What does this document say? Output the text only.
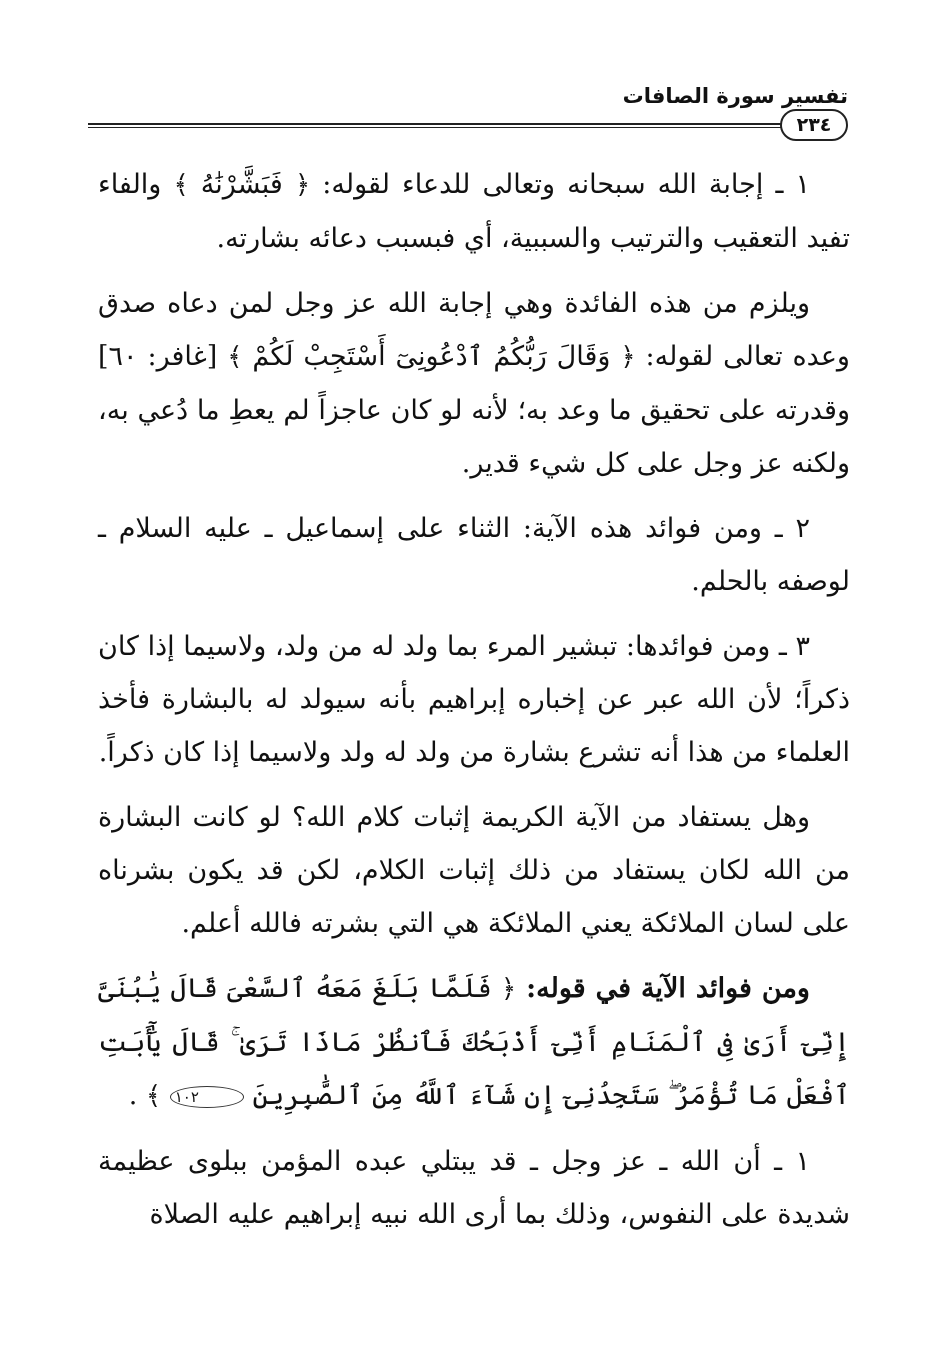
تفسير سورة الصافات
٢٣٤

١ ـ إجابة الله سبحانه وتعالى للدعاء لقوله: ﴿ فَبَشَّرْنَٰهُ ﴾ والفاء تفيد التعقيب والترتيب والسببية، أي فبسبب دعائه بشارته.

ويلزم من هذه الفائدة وهي إجابة الله عز وجل لمن دعاه صدق وعده تعالى لقوله: ﴿ وَقَالَ رَبُّكُمُ ٱدْعُونِىٓ أَسْتَجِبْ لَكُمْ ﴾ [غافر: ٦٠] وقدرته على تحقيق ما وعد به؛ لأنه لو كان عاجزاً لم يعطِ ما دُعي به، ولكنه عز وجل على كل شيء قدير.

٢ ـ ومن فوائد هذه الآية: الثناء على إسماعيل ـ عليه السلام ـ لوصفه بالحلم.

٣ ـ ومن فوائدها: تبشير المرء بما ولد له من ولد، ولاسيما إذا كان ذكراً؛ لأن الله عبر عن إخباره إبراهيم بأنه سيولد له بالبشارة فأخذ العلماء من هذا أنه تشرع بشارة من ولد له ولد ولاسيما إذا كان ذكراً.

وهل يستفاد من الآية الكريمة إثبات كلام الله؟ لو كانت البشارة من الله لكان يستفاد من ذلك إثبات الكلام، لكن قد يكون بشرناه على لسان الملائكة يعني الملائكة هي التي بشرته فالله أعلم.

ومن فوائد الآية في قوله: ﴿ فَلَمَّا بَلَغَ مَعَهُ ٱلسَّعْىَ قَالَ يَٰبُنَىَّ إِنِّىٓ أَرَىٰ فِى ٱلْمَنَامِ أَنِّىٓ أَذْبَحُكَ فَٱنظُرْ مَاذَا تَرَىٰ ۚ قَالَ يَٰٓأَبَتِ ٱفْعَلْ مَا تُؤْمَرُ ۖ سَتَجِدُنِىٓ إِن شَآءَ ٱللَّهُ مِنَ ٱلصَّٰبِرِينَ ١٠٢ ﴾ .

١ ـ أن الله ـ عز وجل ـ قد يبتلي عبده المؤمن ببلوى عظيمة شديدة على النفوس، وذلك بما أرى الله نبيه إبراهيم عليه الصلاة
